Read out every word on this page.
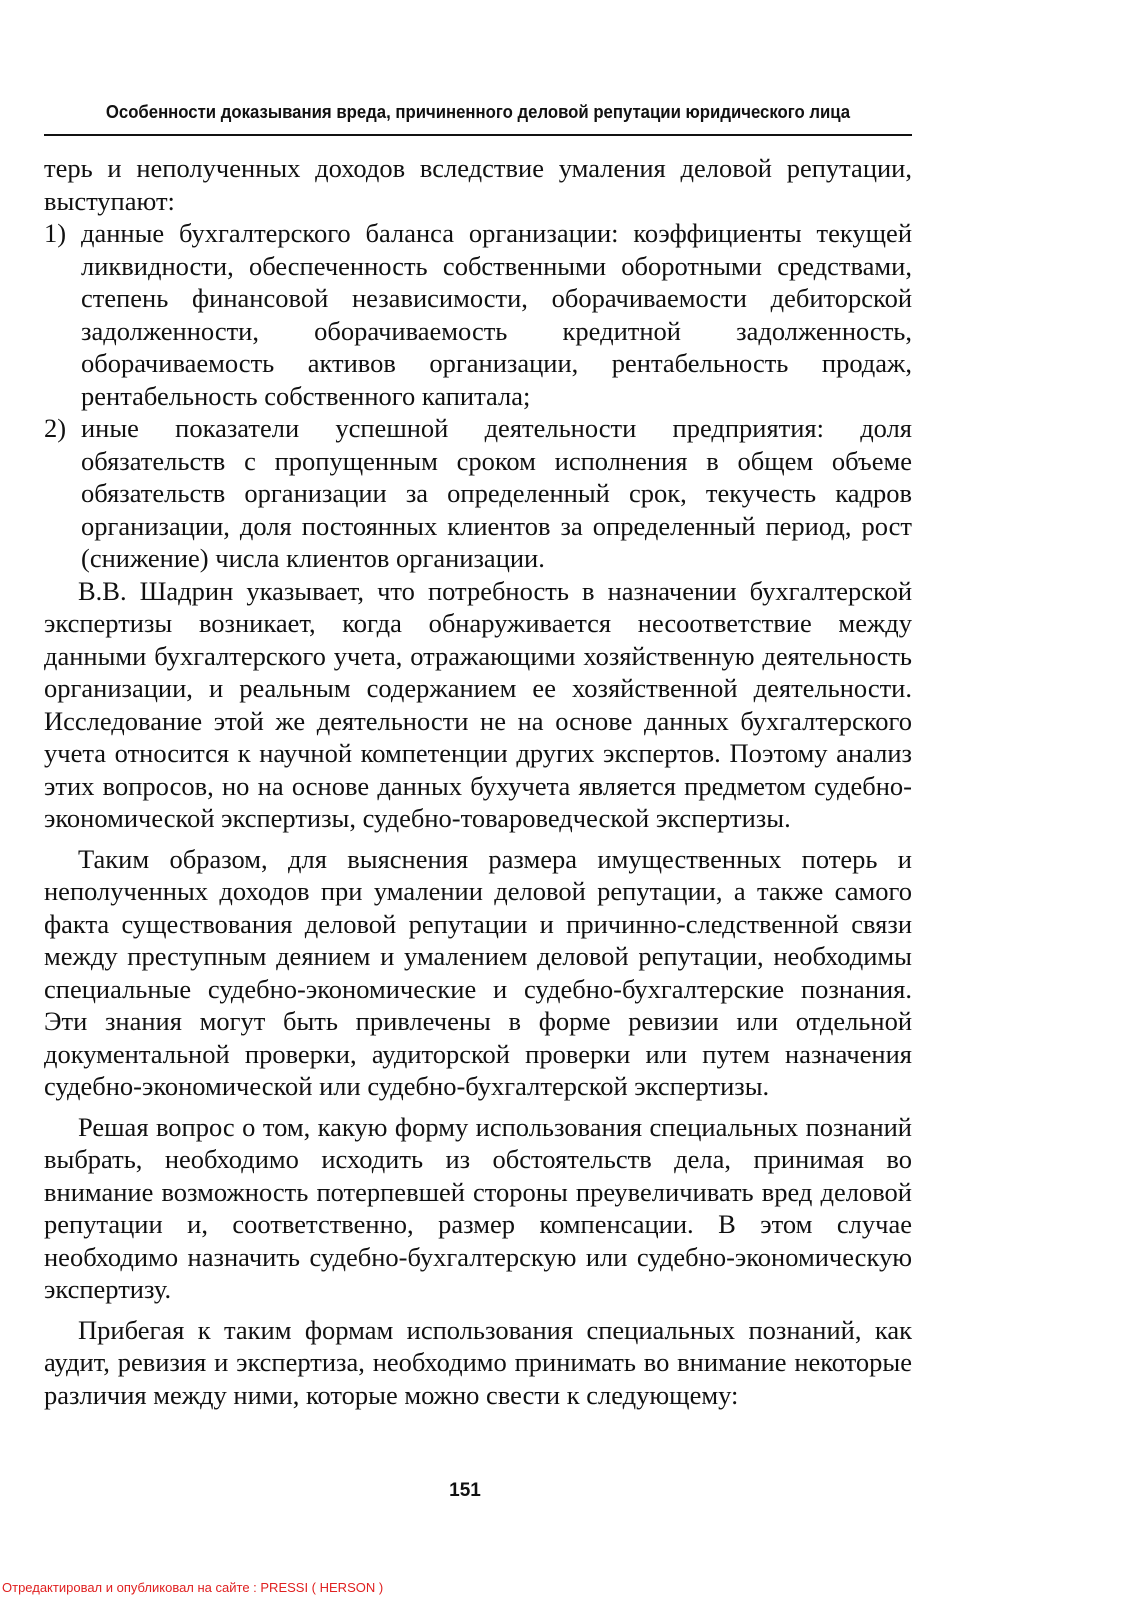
Особенности доказывания вреда, причиненного деловой репутации юридического лица

терь и неполученных доходов вследствие умаления деловой репутации, выступают:

1) данные бухгалтерского баланса организации: коэффициенты текущей ликвидности, обеспеченность собственными оборотными средствами, степень финансовой независимости, оборачиваемости дебиторской задолженности, оборачиваемость кредитной задолженность, оборачиваемость активов организации, рентабельность продаж, рентабельность собственного капитала;
2) иные показатели успешной деятельности предприятия: доля обязательств с пропущенным сроком исполнения в общем объеме обязательств организации за определенный срок, текучесть кадров организации, доля постоянных клиентов за определенный период, рост (снижение) числа клиентов организации.

В.В. Шадрин указывает, что потребность в назначении бухгалтерской экспертизы возникает, когда обнаруживается несоответствие между данными бухгалтерского учета, отражающими хозяйственную деятельность организации, и реальным содержанием ее хозяйственной деятельности. Исследование этой же деятельности не на основе данных бухгалтерского учета относится к научной компетенции других экспертов. Поэтому анализ этих вопросов, но на основе данных бухучета является предметом судебно-экономической экспертизы, судебно-товароведческой экспертизы.

Таким образом, для выяснения размера имущественных потерь и неполученных доходов при умалении деловой репутации, а также самого факта существования деловой репутации и причинно-следственной связи между преступным деянием и умалением деловой репутации, необходимы специальные судебно-экономические и судебно-бухгалтерские познания. Эти знания могут быть привлечены в форме ревизии или отдельной документальной проверки, аудиторской проверки или путем назначения судебно-экономической или судебно-бухгалтерской экспертизы.

Решая вопрос о том, какую форму использования специальных познаний выбрать, необходимо исходить из обстоятельств дела, принимая во внимание возможность потерпевшей стороны преувеличивать вред деловой репутации и, соответственно, размер компенсации. В этом случае необходимо назначить судебно-бухгалтерскую или судебно-экономическую экспертизу.

Прибегая к таким формам использования специальных познаний, как аудит, ревизия и экспертиза, необходимо принимать во внимание некоторые различия между ними, которые можно свести к следующему:

151
Отредактировал и опубликовал на сайте : PRESSI ( HERSON )
